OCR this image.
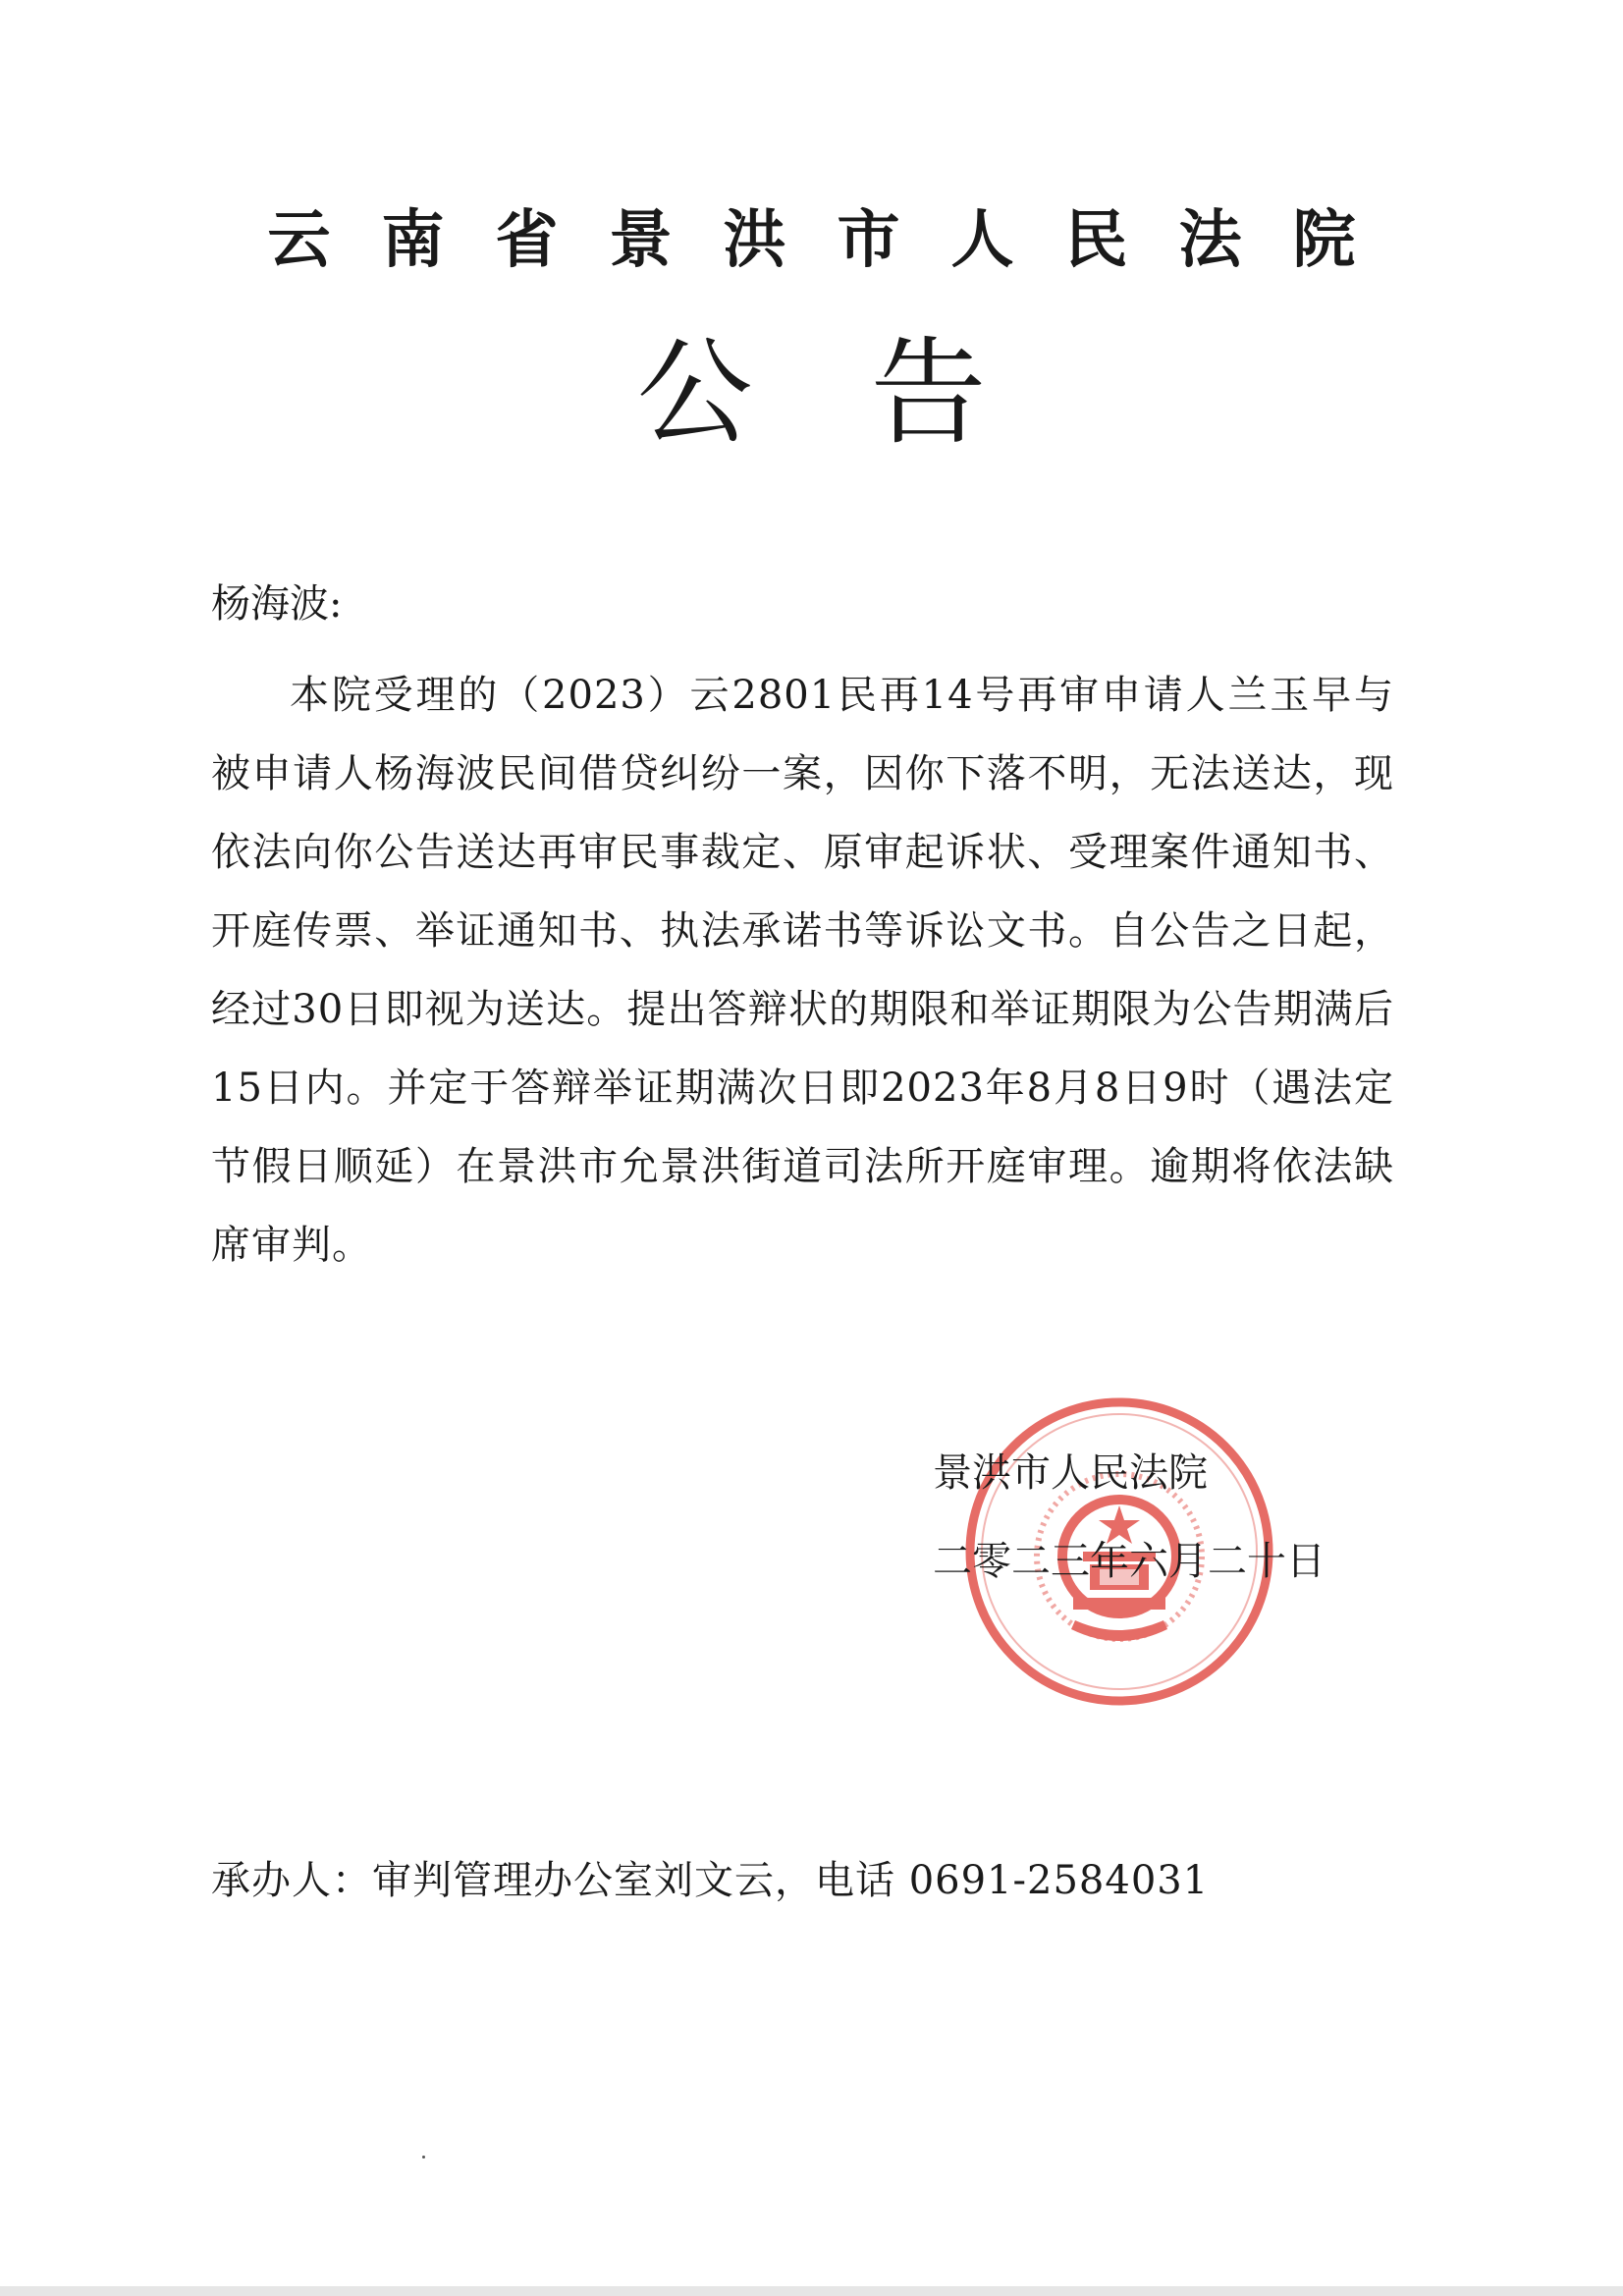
云南省景洪市人民法院
公告
杨海波:
本院受理的（2023）云2801民再14号再审申请人兰玉早与被申请人杨海波民间借贷纠纷一案，因你下落不明，无法送达，现依法向你公告送达再审民事裁定、原审起诉状、受理案件通知书、开庭传票、举证通知书、执法承诺书等诉讼文书。自公告之日起，经过30日即视为送达。提出答辩状的期限和举证期限为公告期满后15日内。并定于答辩举证期满次日即2023年8月8日9时（遇法定节假日顺延）在景洪市允景洪街道司法所开庭审理。逾期将依法缺席审判。
景洪市人民法院
二零二三年六月二十日
承办人：审判管理办公室刘文云，电话 0691-2584031
